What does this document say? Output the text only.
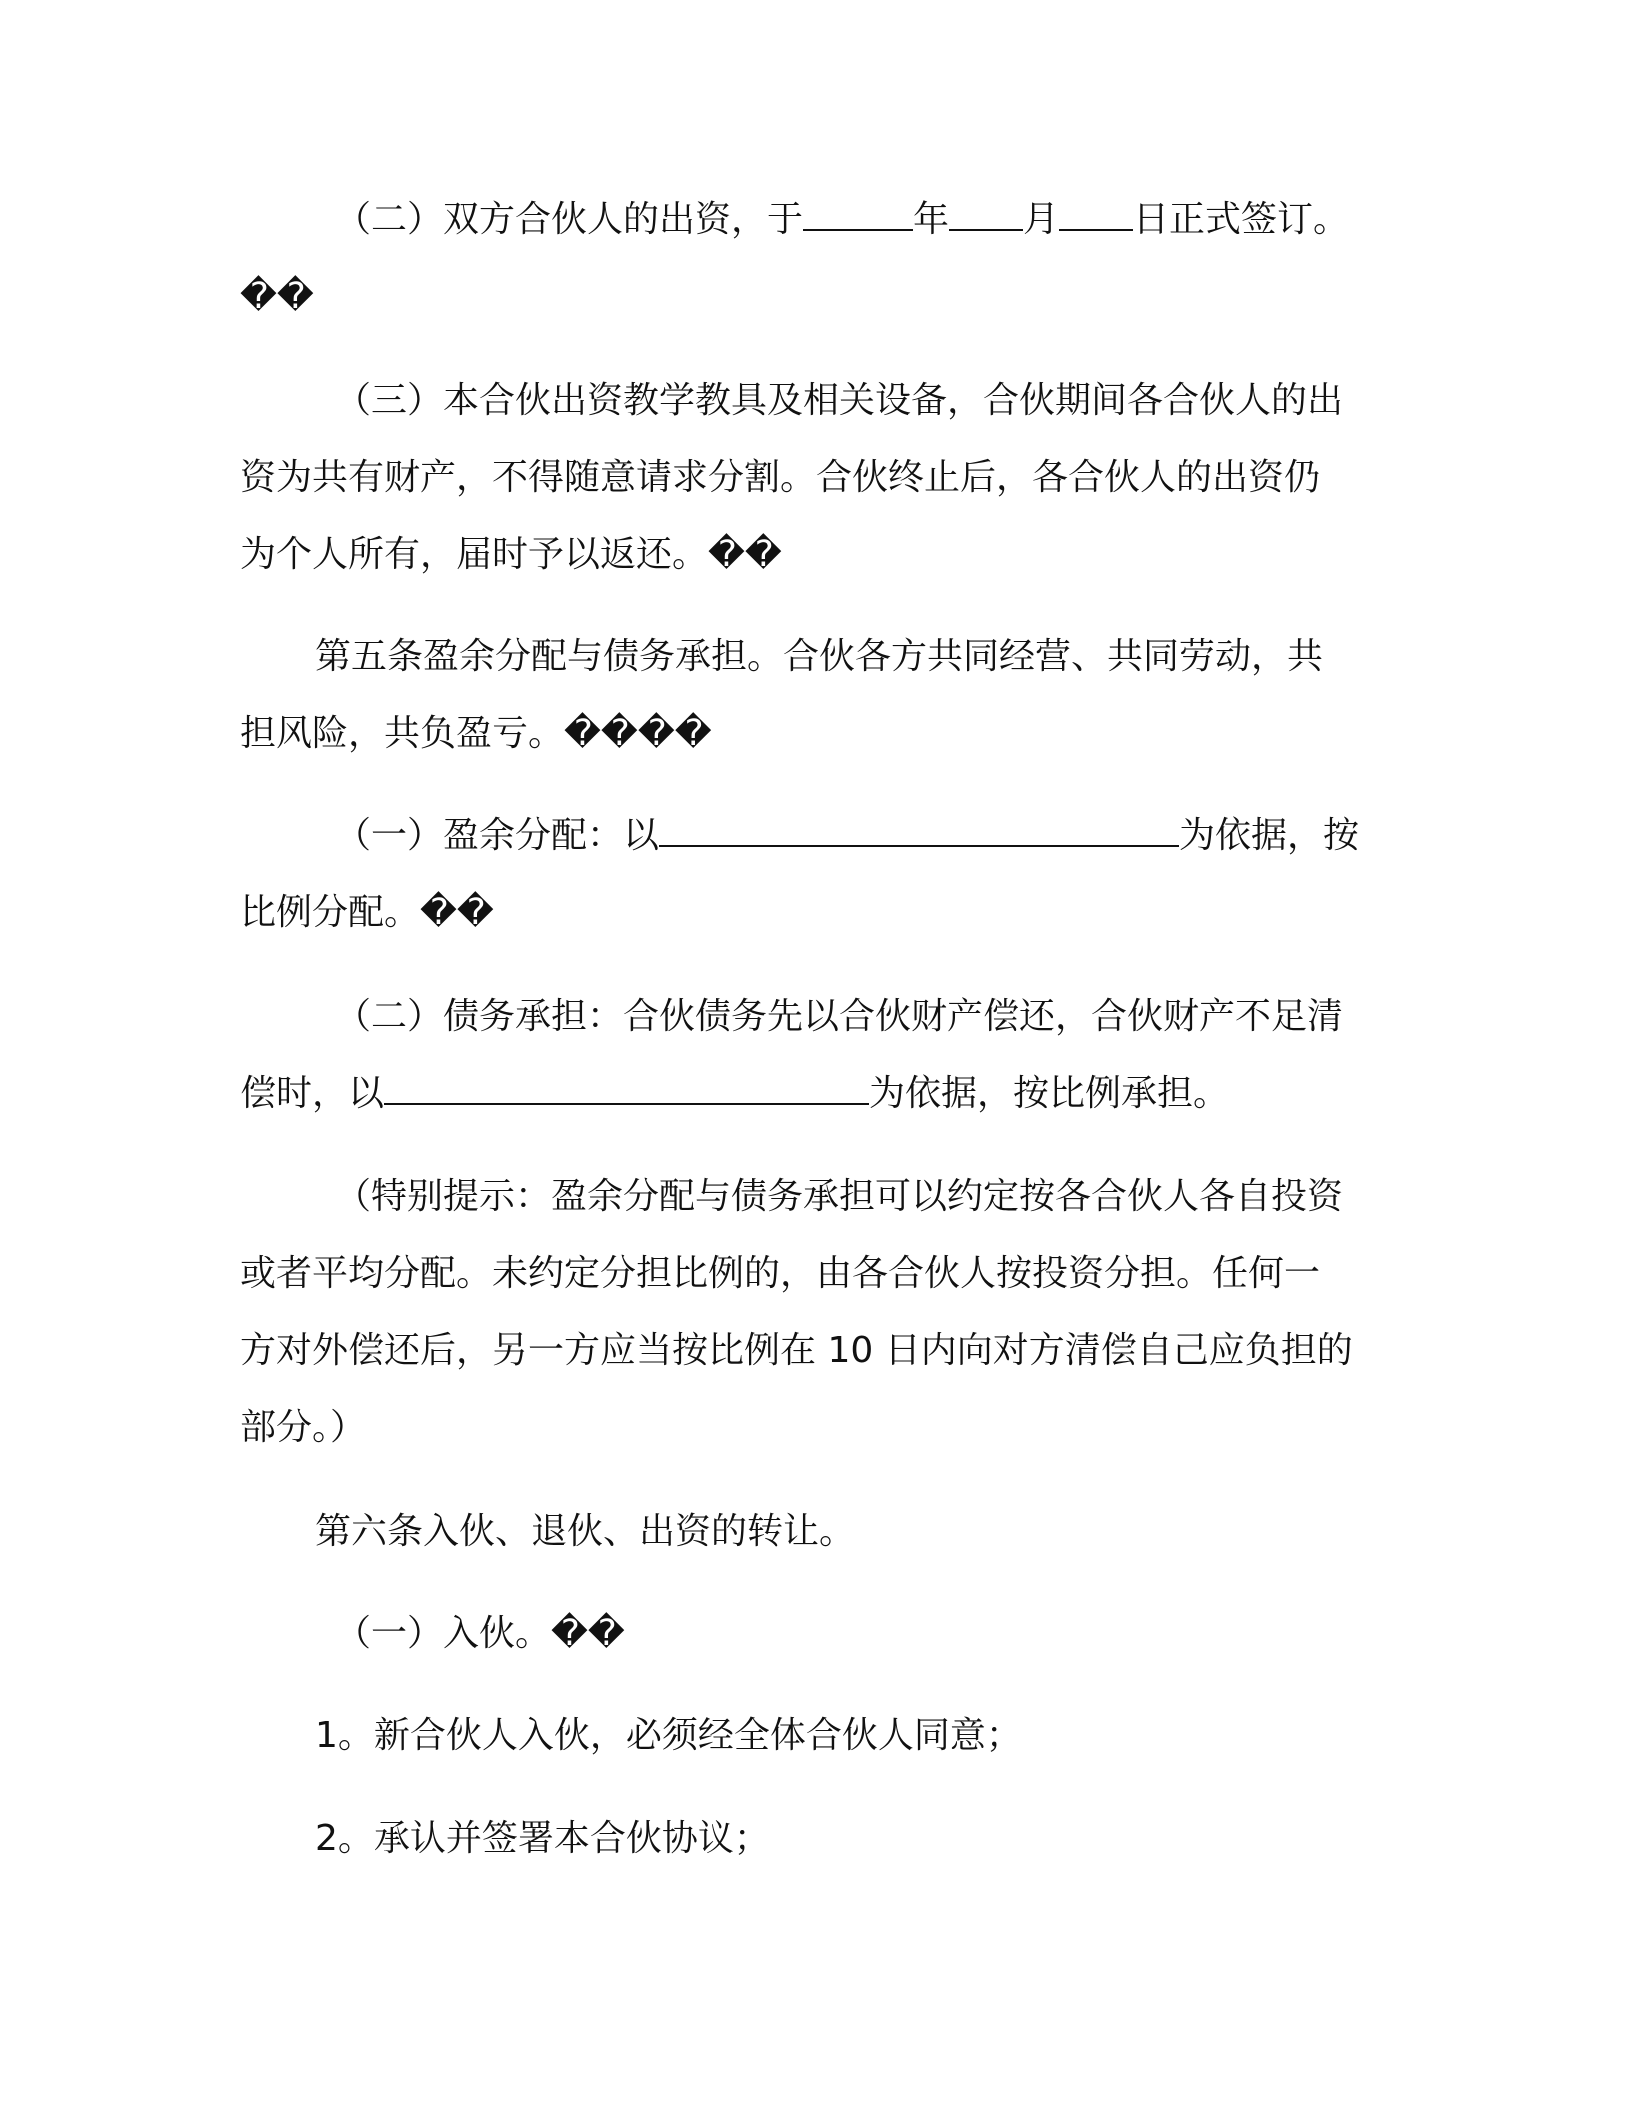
（二）双方合伙人的出资，于	年 月 日正式签订。
��
（三）本合伙出资教学教具及相关设备，合伙期间各合伙人的出
资为共有财产，不得随意请求分割。合伙终止后，各合伙人的出资仍
为个人所有，届时予以返还。��
第五条盈余分配与债务承担。合伙各方共同经营、共同劳动，共
担风险，共负盈亏。����
（一）盈余分配：以	为依据，按
比例分配。��
（二）债务承担：合伙债务先以合伙财产偿还，合伙财产不足清
偿时，以	为依据，按比例承担。
（特别提示：盈余分配与债务承担可以约定按各合伙人各自投资
或者平均分配。未约定分担比例的，由各合伙人按投资分担。任何一
方对外偿还后，另一方应当按比例在 10 日内向对方清偿自己应负担的
部分。）
第六条入伙、退伙、出资的转让。
（一）入伙。��
1。新合伙人入伙，必须经全体合伙人同意；
2。承认并签署本合伙协议；
